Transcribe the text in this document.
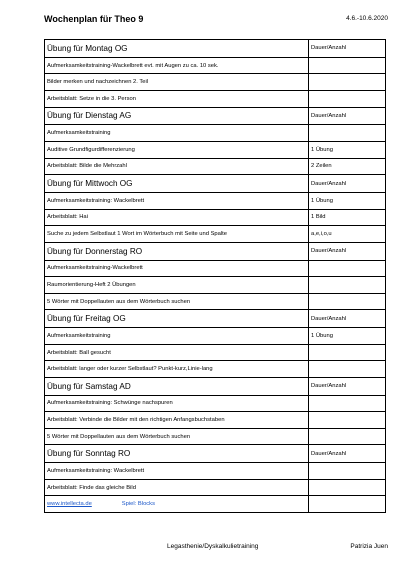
Wochenplan für Theo 9	4.6.-10.6.2020
Übung für Montag OG	Dauer/Anzahl
Aufmerksamkeitstraining-Wackelbrett evt. mit Augen zu ca. 10 sek.	
Bilder merken und nachzeichnen 2. Teil	
Arbeitsblatt: Setze in die 3. Person	
Übung für Dienstag AG	Dauer/Anzahl
Aufmerksamkeitstraining	
Auditive Grundfigurdifferenzierung	1 Übung
Arbeitsblatt: Bilde die Mehrzahl	2 Zeilen
Übung für Mittwoch OG	Dauer/Anzahl
Aufmerksamkeitstraining: Wackelbrett	1 Übung
Arbeitsblatt: Hai	1 Bild
Suche zu jedem Selbstlaut 1 Wort im Wörterbuch mit Seite und Spalte	a,e,i,o,u
Übung für Donnerstag RO	Dauer/Anzahl
Aufmerksamkeitstraining-Wackelbrett	
Raumorientierung-Heft 2 Übungen	
5 Wörter mit Doppellauten aus dem Wörterbuch suchen	
Übung für Freitag OG	Dauer/Anzahl
Aufmerksamkeitstraining	1 Übung
Arbeitsblatt: Ball gesucht	
Arbeitsblatt: langer oder kurzer Selbstlaut? Punkt-kurz,Linie-lang	
Übung für Samstag AD	Dauer/Anzahl
Aufmerksamkeitstraining: Schwünge nachspuren	
Arbeitsblatt: Verbinde die Bilder mit den richtigen Anfangsbuchstaben	
5 Wörter mit Doppellauten aus dem Wörterbuch suchen	
Übung für Sonntag RO	Dauer/Anzahl
Aufmerksamkeitstraining: Wackelbrett	
Arbeitsblatt: Finde das gleiche Bild	
www.intellecta.de Spiel: Blocks	
Legasthenie/Dyskalkulietraining	Patrizia Juen
